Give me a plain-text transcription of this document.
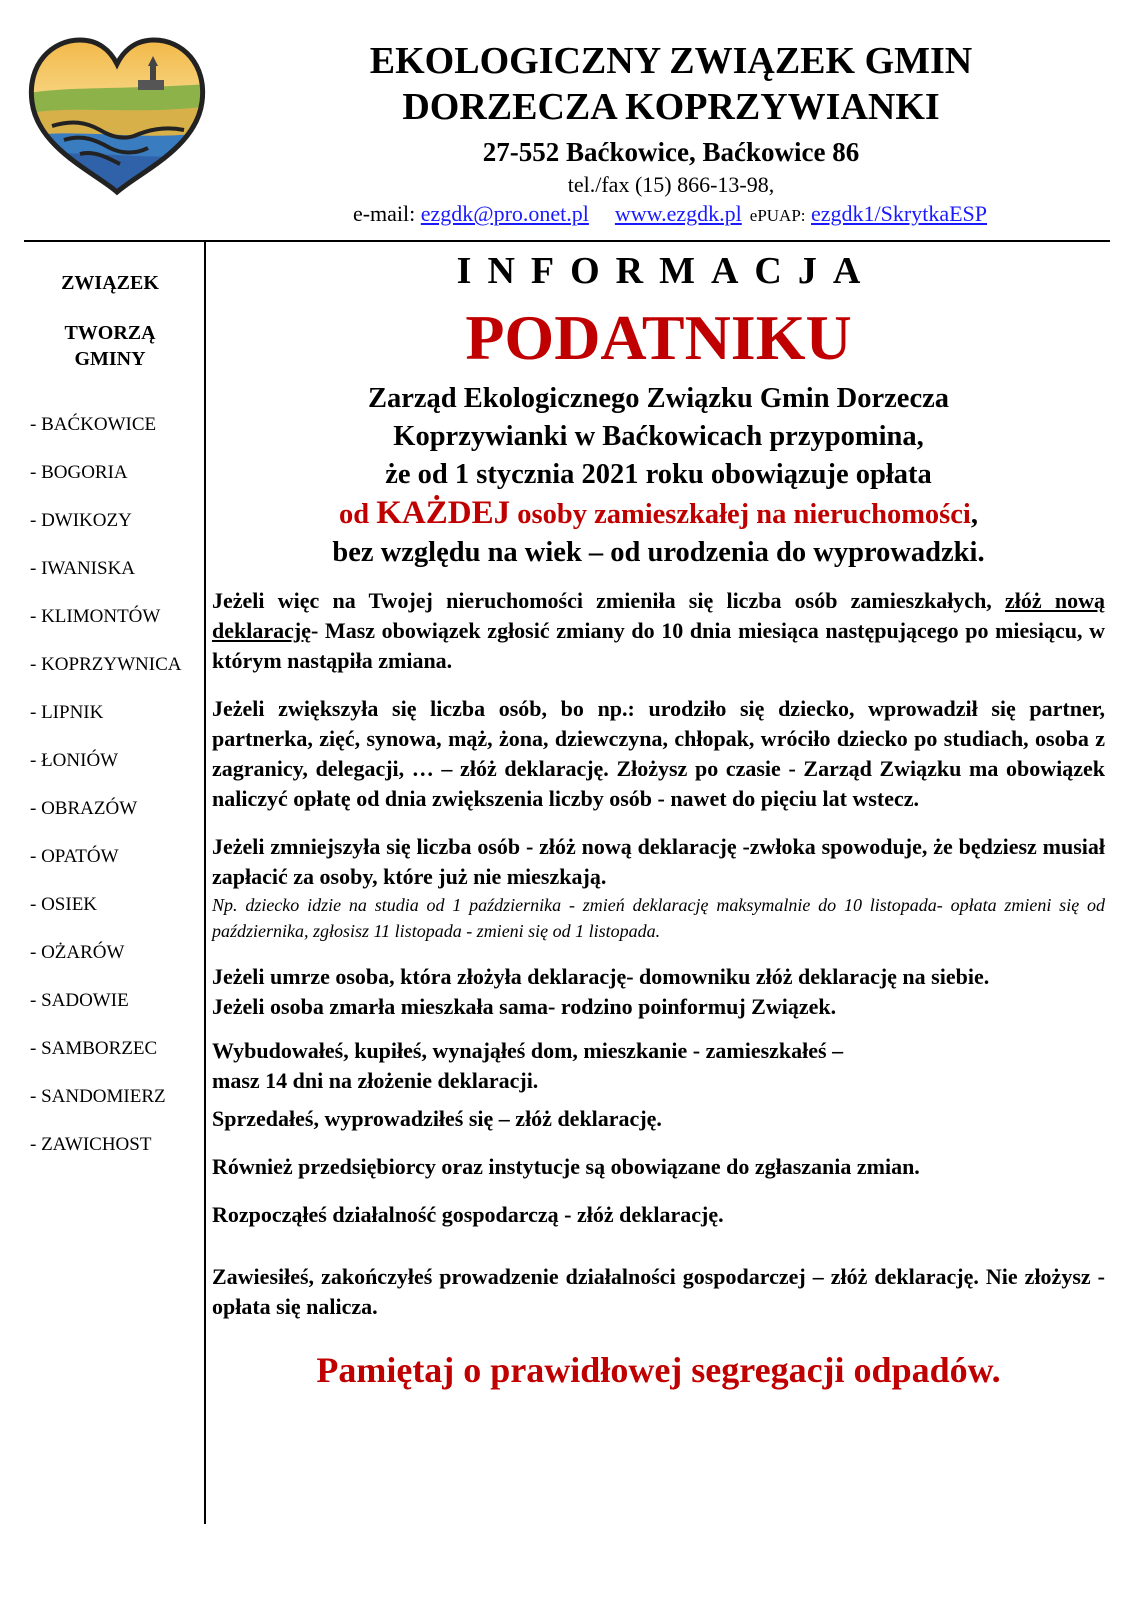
EKOLOGICZNY ZWIĄZEK GMIN
DORZECZA KOPRZYWIANKI
27-552 Baćkowice, Baćkowice 86
tel./fax (15) 866-13-98,
e-mail: ezgdk@pro.onet.pl www.ezgdk.pl ePUAP: ezgdk1/SkrytkaESP

ZWIĄZEK

TWORZĄ
GMINY

- BAĆKOWICE
- BOGORIA
- DWIKOZY
- IWANISKA
- KLIMONTÓW
- KOPRZYWNICA
- LIPNIK
- ŁONIÓW
- OBRAZÓW
- OPATÓW
- OSIEK
- OŻARÓW
- SADOWIE
- SAMBORZEC
- SANDOMIERZ
- ZAWICHOST
INFORMACJA
PODATNIKU

Zarząd Ekologicznego Związku Gmin Dorzecza
Koprzywianki w Baćkowicach przypomina,
że od 1 stycznia 2021 roku obowiązuje opłata
od KAŻDEJ osoby zamieszkałej na nieruchomości,
bez względu na wiek – od urodzenia do wyprowadzki.

Jeżeli więc na Twojej nieruchomości zmieniła się liczba osób zamieszkałych, złóż nową deklarację- Masz obowiązek zgłosić zmiany do 10 dnia miesiąca następującego po miesiącu, w którym nastąpiła zmiana.

Jeżeli zwiększyła się liczba osób, bo np.: urodziło się dziecko, wprowadził się partner, partnerka, zięć, synowa, mąż, żona, dziewczyna, chłopak, wróciło dziecko po studiach, osoba z zagranicy, delegacji, … – złóż deklarację. Złożysz po czasie - Zarząd Związku ma obowiązek naliczyć opłatę od dnia zwiększenia liczby osób - nawet do pięciu lat wstecz.

Jeżeli zmniejszyła się liczba osób - złóż nową deklarację -zwłoka spowoduje, że będziesz musiał zapłacić za osoby, które już nie mieszkają.

Np. dziecko idzie na studia od 1 października - zmień deklarację maksymalnie do 10 listopada- opłata zmieni się od października, zgłosisz 11 listopada - zmieni się od 1 listopada.

Jeżeli umrze osoba, która złożyła deklarację- domowniku złóż deklarację na siebie.

Jeżeli osoba zmarła mieszkała sama- rodzino poinformuj Związek.

Wybudowałeś, kupiłeś, wynająłeś dom, mieszkanie - zamieszkałeś –
masz 14 dni na złożenie deklaracji.

Sprzedałeś, wyprowadziłeś się – złóż deklarację.

Również przedsiębiorcy oraz instytucje są obowiązane do zgłaszania zmian.

Rozpocząłeś działalność gospodarczą - złóż deklarację.

Zawiesiłeś, zakończyłeś prowadzenie działalności gospodarczej – złóż deklarację. Nie złożysz - opłata się nalicza.

Pamiętaj o prawidłowej segregacji odpadów.
